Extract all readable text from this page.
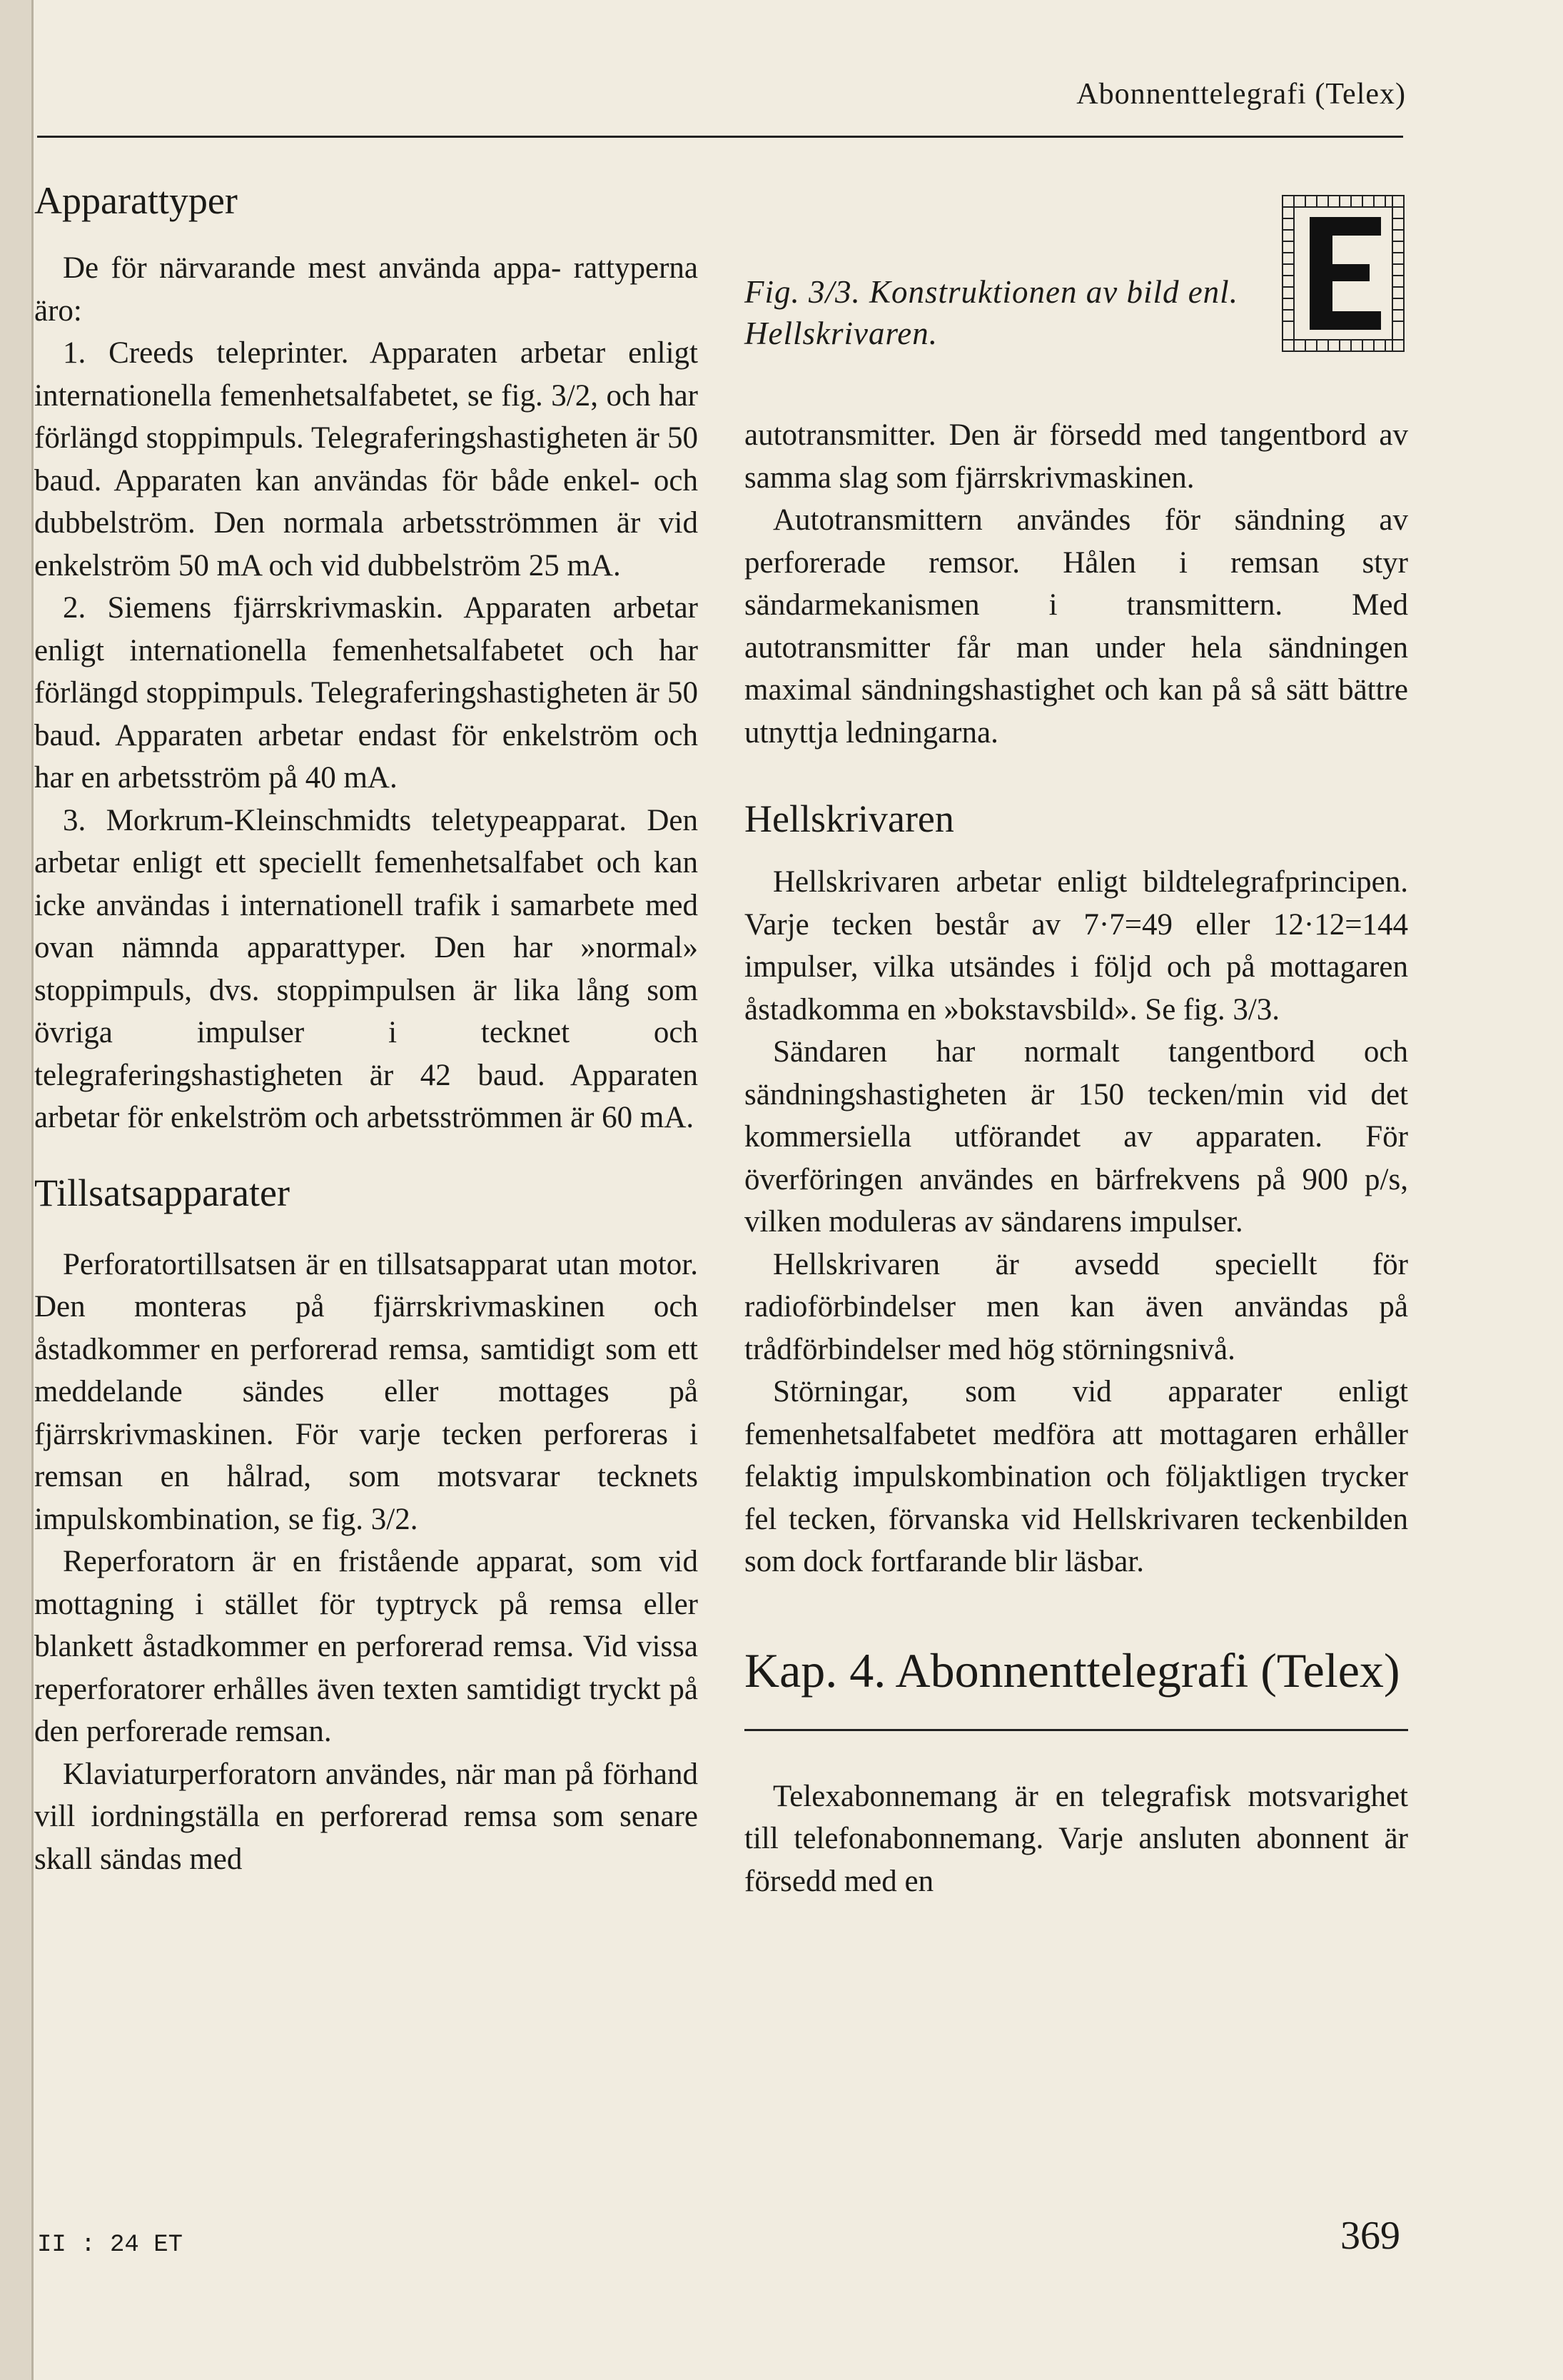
Abonnenttelegrafi (Telex)
Apparattyper

De för närvarande mest använda appa- rattyperna äro:

1. Creeds teleprinter. Apparaten arbetar enligt internationella femenhetsalfabetet, se fig. 3/2, och har förlängd stoppimpuls. Telegraferingshastigheten är 50 baud. Apparaten kan användas för både enkel- och dubbelström. Den normala arbetsströmmen är vid enkelström 50 mA och vid dubbelström 25 mA.

2. Siemens fjärrskrivmaskin. Apparaten arbetar enligt internationella femenhetsalfabetet och har förlängd stoppimpuls. Telegraferingshastigheten är 50 baud. Apparaten arbetar endast för enkelström och har en arbetsström på 40 mA.

3. Morkrum-Kleinschmidts teletypeapparat. Den arbetar enligt ett speciellt femenhetsalfabet och kan icke användas i internationell trafik i samarbete med ovan nämnda apparattyper. Den har »normal» stoppimpuls, dvs. stoppimpulsen är lika lång som övriga impulser i tecknet och telegraferingshastigheten är 42 baud. Apparaten arbetar för enkelström och arbetsströmmen är 60 mA.

Tillsatsapparater

Perforatortillsatsen är en tillsatsapparat utan motor. Den monteras på fjärrskrivmaskinen och åstadkommer en perforerad remsa, samtidigt som ett meddelande sändes eller mottages på fjärrskrivmaskinen. För varje tecken perforeras i remsan en hålrad, som motsvarar tecknets impulskombination, se fig. 3/2.

Reperforatorn är en fristående apparat, som vid mottagning i stället för typtryck på remsa eller blankett åstadkommer en perforerad remsa. Vid vissa reperforatorer erhålles även texten samtidigt tryckt på den perforerade remsan.

Klaviaturperforatorn användes, när man på förhand vill iordningställa en perforerad remsa som senare skall sändas med

Fig. 3/3. Konstruktionen av bild enl. Hellskrivaren.

autotransmitter. Den är försedd med tangentbord av samma slag som fjärrskrivmaskinen.

Autotransmittern användes för sändning av perforerade remsor. Hålen i remsan styr sändarmekanismen i transmittern. Med autotransmitter får man under hela sändningen maximal sändningshastighet och kan på så sätt bättre utnyttja ledningarna.

Hellskrivaren

Hellskrivaren arbetar enligt bildtelegrafprincipen. Varje tecken består av 7·7=49 eller 12·12=144 impulser, vilka utsändes i följd och på mottagaren åstadkomma en »bokstavsbild». Se fig. 3/3.

Sändaren har normalt tangentbord och sändningshastigheten är 150 tecken/min vid det kommersiella utförandet av apparaten. För överföringen användes en bärfrekvens på 900 p/s, vilken moduleras av sändarens impulser.

Hellskrivaren är avsedd speciellt för radioförbindelser men kan även användas på trådförbindelser med hög störningsnivå.

Störningar, som vid apparater enligt femenhetsalfabetet medföra att mottagaren erhåller felaktig impulskombination och följaktligen trycker fel tecken, förvanska vid Hellskrivaren teckenbilden som dock fortfarande blir läsbar.

Kap. 4. Abonnenttelegrafi (Telex)

Telexabonnemang är en telegrafisk motsvarighet till telefonabonnemang. Varje ansluten abonnent är försedd med en

II : 24 ET	369
